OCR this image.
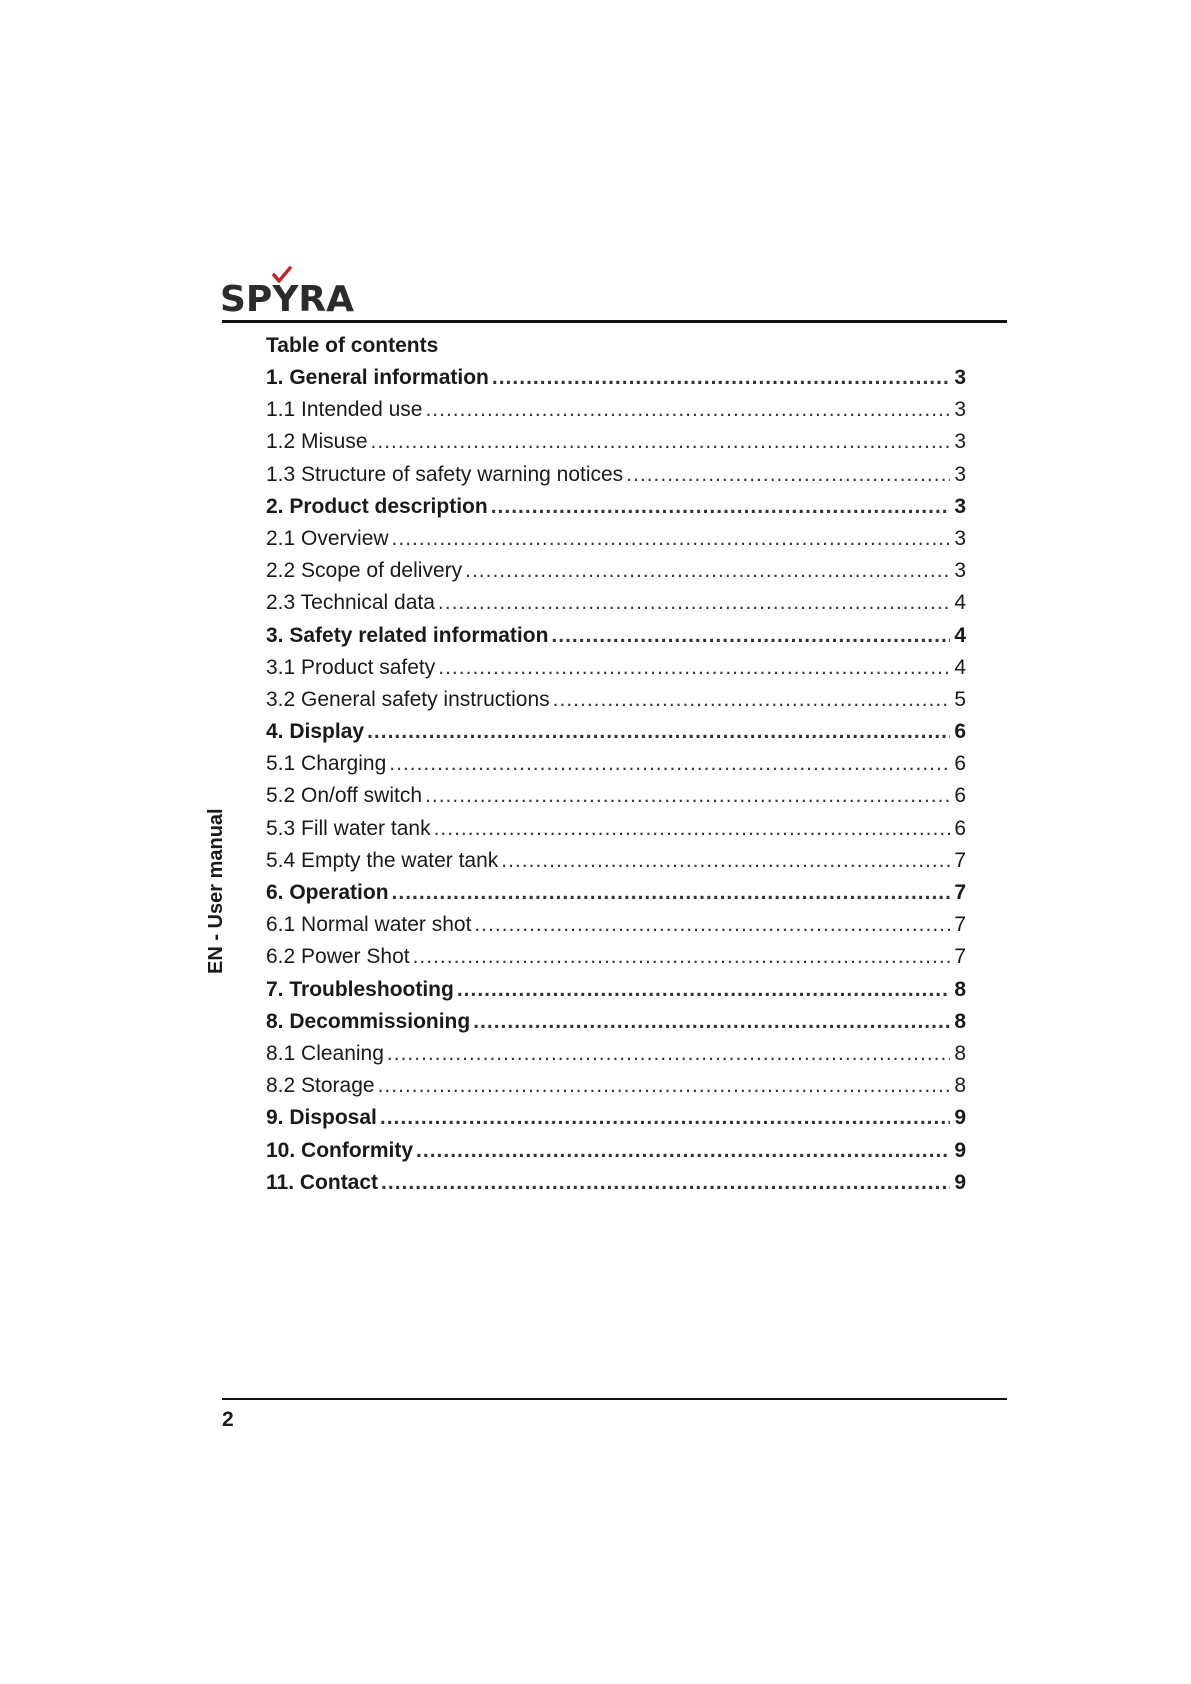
SPYRA
EN - User manual
Table of contents
1. General information .....	3
1.1 Intended use .....	3
1.2 Misuse .....	3
1.3 Structure of safety warning notices .....	3
2. Product description .....	3
2.1 Overview .....	3
2.2 Scope of delivery .....	3
2.3 Technical data .....	4
3. Safety related information .....	4
3.1 Product safety .....	4
3.2 General safety instructions .....	5
4. Display .....	6
5.1 Charging .....	6
5.2 On/off switch .....	6
5.3 Fill water tank .....	6
5.4 Empty the water tank .....	7
6. Operation .....	7
6.1 Normal water shot .....	7
6.2 Power Shot .....	7
7. Troubleshooting .....	8
8. Decommissioning .....	8
8.1 Cleaning .....	8
8.2 Storage .....	8
9. Disposal .....	9
10. Conformity .....	9
11. Contact .....	9
2
